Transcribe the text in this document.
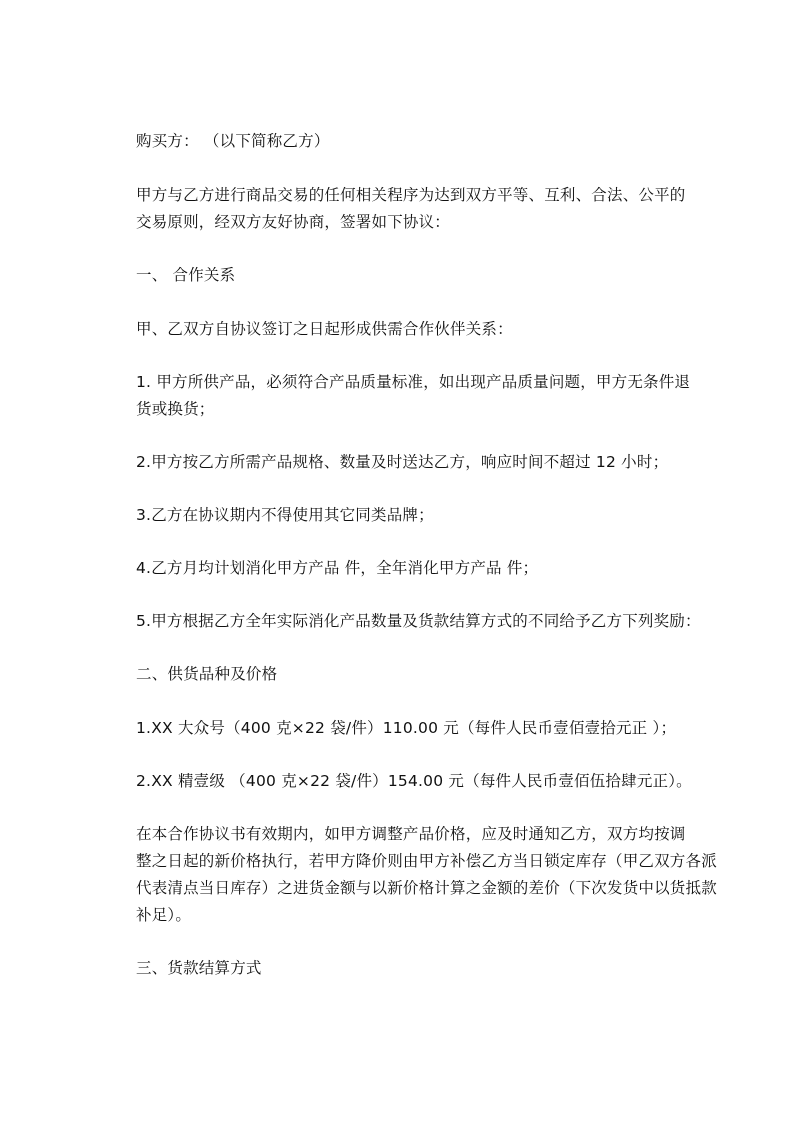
购买方： （以下简称乙方）
甲方与乙方进行商品交易的任何相关程序为达到双方平等、互利、合法、公平的
交易原则，经双方友好协商，签署如下协议：
一、 合作关系
甲、乙双方自协议签订之日起形成供需合作伙伴关系：
1. 甲方所供产品，必须符合产品质量标准，如出现产品质量问题，甲方无条件退
货或换货；
2.甲方按乙方所需产品规格、数量及时送达乙方，响应时间不超过 12 小时；
3.乙方在协议期内不得使用其它同类品牌；
4.乙方月均计划消化甲方产品 件，全年消化甲方产品 件；
5.甲方根据乙方全年实际消化产品数量及货款结算方式的不同给予乙方下列奖励：
二、供货品种及价格
1.XX 大众号（400 克×22 袋/件）110.00 元（每件人民币壹佰壹拾元正 ）；
2.XX 精壹级 （400 克×22 袋/件）154.00 元（每件人民币壹佰伍拾肆元正）。
在本合作协议书有效期内，如甲方调整产品价格，应及时通知乙方，双方均按调
整之日起的新价格执行，若甲方降价则由甲方补偿乙方当日锁定库存（甲乙双方各派
代表清点当日库存）之进货金额与以新价格计算之金额的差价（下次发货中以货抵款
补足）。
三、货款结算方式
